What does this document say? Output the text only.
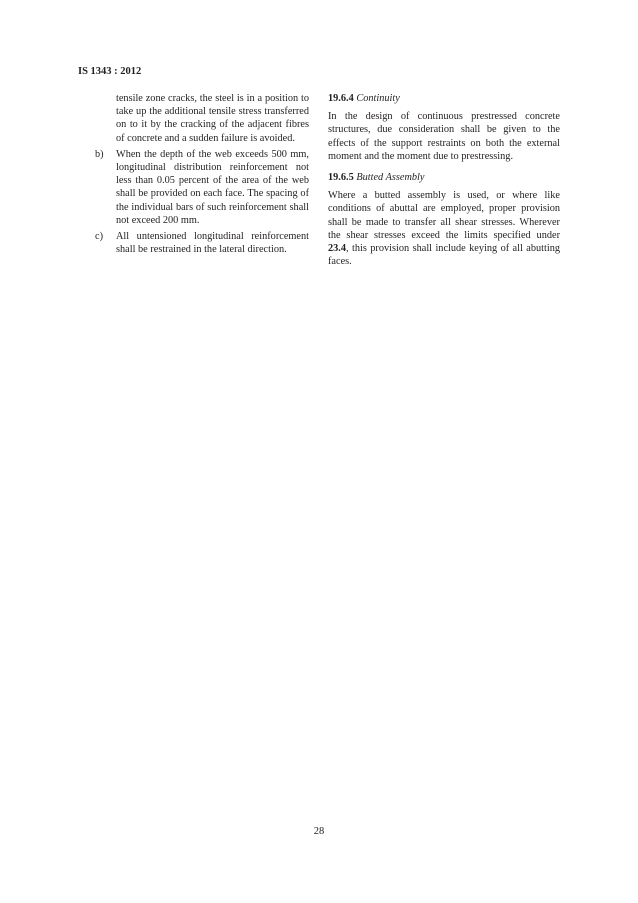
IS 1343 : 2012

tensile zone cracks, the steel is in a position to take up the additional tensile stress transferred on to it by the cracking of the adjacent fibres of concrete and a sudden failure is avoided.

b) When the depth of the web exceeds 500 mm, longitudinal distribution reinforcement not less than 0.05 percent of the area of the web shall be provided on each face. The spacing of the individual bars of such reinforcement shall not exceed 200 mm.
c) All untensioned longitudinal reinforcement shall be restrained in the lateral direction.
19.6.4 Continuity

In the design of continuous prestressed concrete structures, due consideration shall be given to the effects of the support restraints on both the external moment and the moment due to prestressing.

19.6.5 Butted Assembly

Where a butted assembly is used, or where like conditions of abuttal are employed, proper provision shall be made to transfer all shear stresses. Wherever the shear stresses exceed the limits specified under 23.4, this provision shall include keying of all abutting faces.

28
